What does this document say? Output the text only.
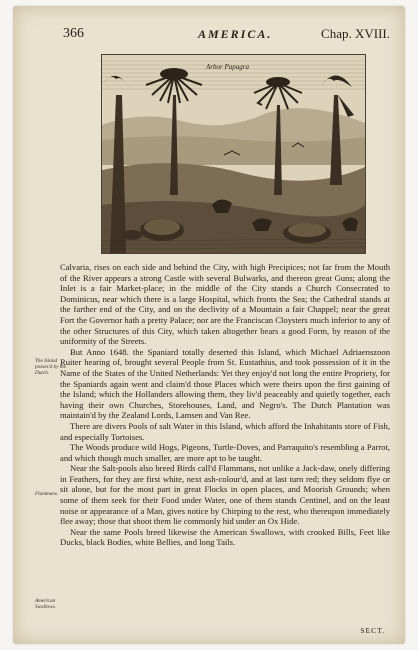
366	AMERICA.	Chap. XVIII.
Arbor Papagra

Calvaria, rises on each side and behind the City, with high Precipices; not far from the Mouth of the River appears a strong Castle with several Bulwarks, and thereon great Guns; along the Inlet is a fair Market-place; in the middle of the City stands a Church Consecrated to Dominicus, near which there is a large Hospital, which fronts the Sea; the Cathedral stands at the farther end of the City, and on the declivity of a Mountain a fair Chappel; near the great Fort the Governor hath a pretty Palace; nor are the Franciscan Cloysters much inferior to any of the other Structures of this City, which taken altogether bears a good Form, by reason of the uniformity of the Streets.

But Anno 1648. the Spaniard totally deserted this Island, which Michael Adriaenszoon Ruiter hearing of, brought several People from St. Eustathius, and took possession of it in the Name of the States of the United Netherlands: Yet they enjoy'd not long the entire Propriety, for the Spaniards again went and claim'd those Places which were theirs upon the first gaining of the Island; which the Hollanders allowing them, they liv'd peaceably and quietly together, each having their own Churches, Storehouses, Land, and Negro's. The Dutch Plantation was maintain'd by the Zealand Lords, Lamsen and Van Ree.

There are divers Pools of salt Water in this Island, which afford the Inhabitants store of Fish, and especially Tortoises.

The Woods produce wild Hogs, Pigeons, Turtle-Doves, and Parraquito's resembling a Parrot, and which though much smaller, are more apt to be taught.

Near the Salt-pools also breed Birds call'd Flammans, not unlike a Jack-daw, onely differing in Feathers, for they are first white, next ash-colour'd, and at last turn red; they seldom flye or sit alone, but for the most part in great Flocks in open places, and Moorish Grounds; when some of them seek for their Food under Water, one of them stands Centinel, and on the least noise or appearance of a Man, gives notice by Chirping to the rest, who thereupon immediately flee away; those that shoot them lie commonly hid under an Ox Hide.

Near the same Pools breed likewise the American Swallows, with crooked Bills, Feet like Ducks, black Bodies, white Bellies, and long Tails.

The Island posses'd by the Dutch.
Flammans.
American Swallows.
SECT.
